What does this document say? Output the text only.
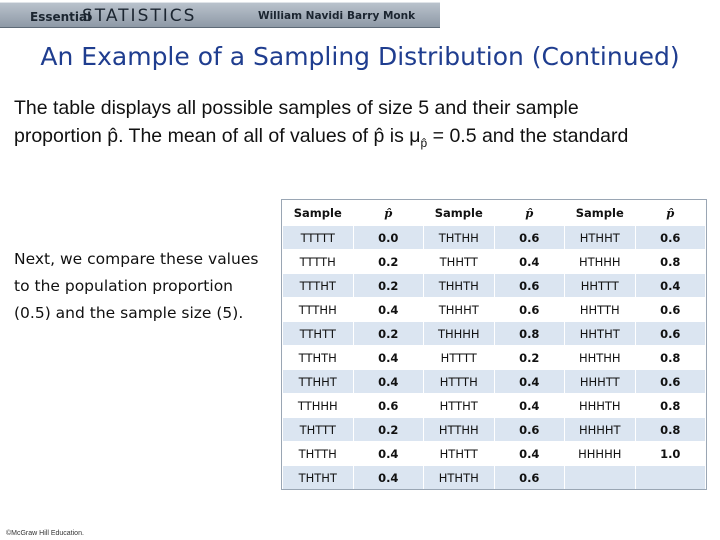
Essential
STATISTICS	William Navidi Barry Monk
An Example of a Sampling Distribution (Continued)
The table displays all possible samples of size 5 and their sample
proportion p̂. The mean of all of values of p̂ is $\mu_{p̂} = 0.5$ and the standard
Next, we compare these values to the population proportion (0.5) and the sample size (5).
Sample	p̂	Sample	p̂	Sample	p̂
TTTTT	0.0	THTHH	0.6	HTHHT	0.6
TTTTH	0.2	THHTT	0.4	HTHHH	0.8
TTTHT	0.2	THHTH	0.6	HHTTT	0.4
TTTHH	0.4	THHHT	0.6	HHTTH	0.6
TTHTT	0.2	THHHH	0.8	HHTHT	0.6
TTHTH	0.4	HTTTT	0.2	HHTHH	0.8
TTHHT	0.4	HTTTH	0.4	HHHTT	0.6
TTHHH	0.6	HTTHT	0.4	HHHTH	0.8
THTTT	0.2	HTTHH	0.6	HHHHT	0.8
THTTH	0.4	HTHTT	0.4	HHHHH	1.0
THTHT	0.4	HTHTH	0.6		
©McGraw Hill Education.
